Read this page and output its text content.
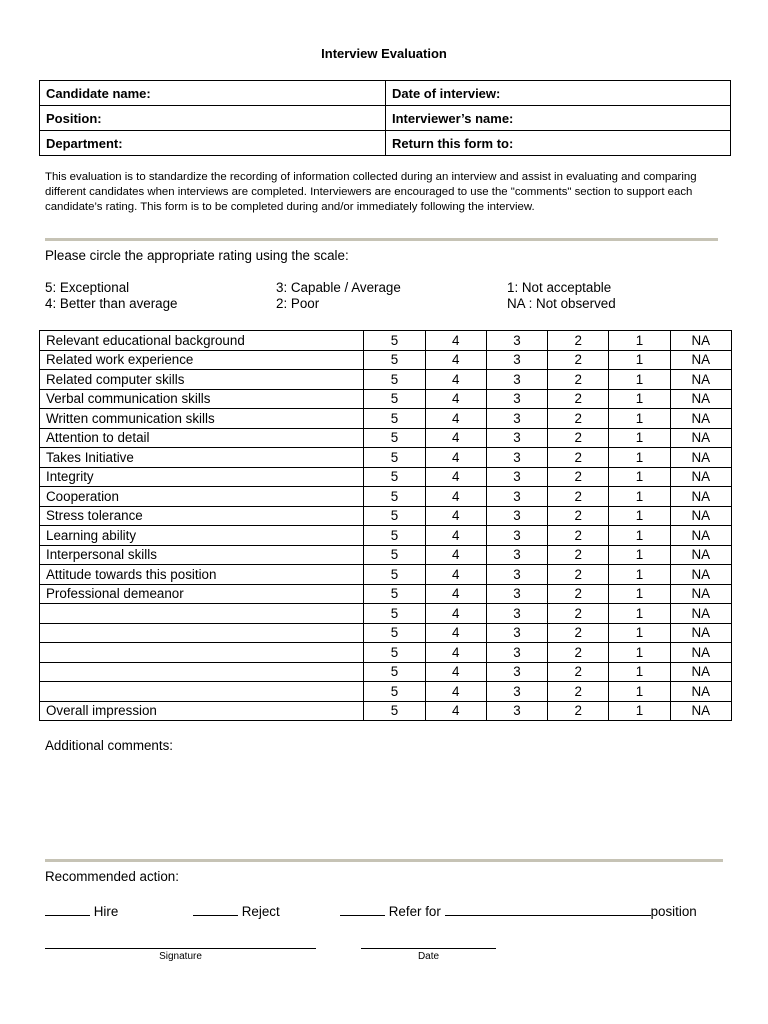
Interview Evaluation
Candidate name:	Date of interview:
Position:	Interviewer’s name:
Department:	Return this form to:
This evaluation is to standardize the recording of information collected during an interview and assist in evaluating and comparing different candidates when interviews are completed. Interviewers are encouraged to use the "comments" section to support each candidate’s rating. This form is to be completed during and/or immediately following the interview.
Please circle the appropriate rating using the scale:
5: Exceptional
4: Better than average
3: Capable / Average
2: Poor
1: Not acceptable
NA : Not observed
Relevant educational background	5	4	3	2	1	NA
Related work experience	5	4	3	2	1	NA
Related computer skills	5	4	3	2	1	NA
Verbal communication skills	5	4	3	2	1	NA
Written communication skills	5	4	3	2	1	NA
Attention to detail	5	4	3	2	1	NA
Takes Initiative	5	4	3	2	1	NA
Integrity	5	4	3	2	1	NA
Cooperation	5	4	3	2	1	NA
Stress tolerance	5	4	3	2	1	NA
Learning ability	5	4	3	2	1	NA
Interpersonal skills	5	4	3	2	1	NA
Attitude towards this position	5	4	3	2	1	NA
Professional demeanor	5	4	3	2	1	NA
	5	4	3	2	1	NA
	5	4	3	2	1	NA
	5	4	3	2	1	NA
	5	4	3	2	1	NA
	5	4	3	2	1	NA
Overall impression	5	4	3	2	1	NA
Additional comments:
Recommended action:
Hire	Reject	Refer for	position
Signature	Date
